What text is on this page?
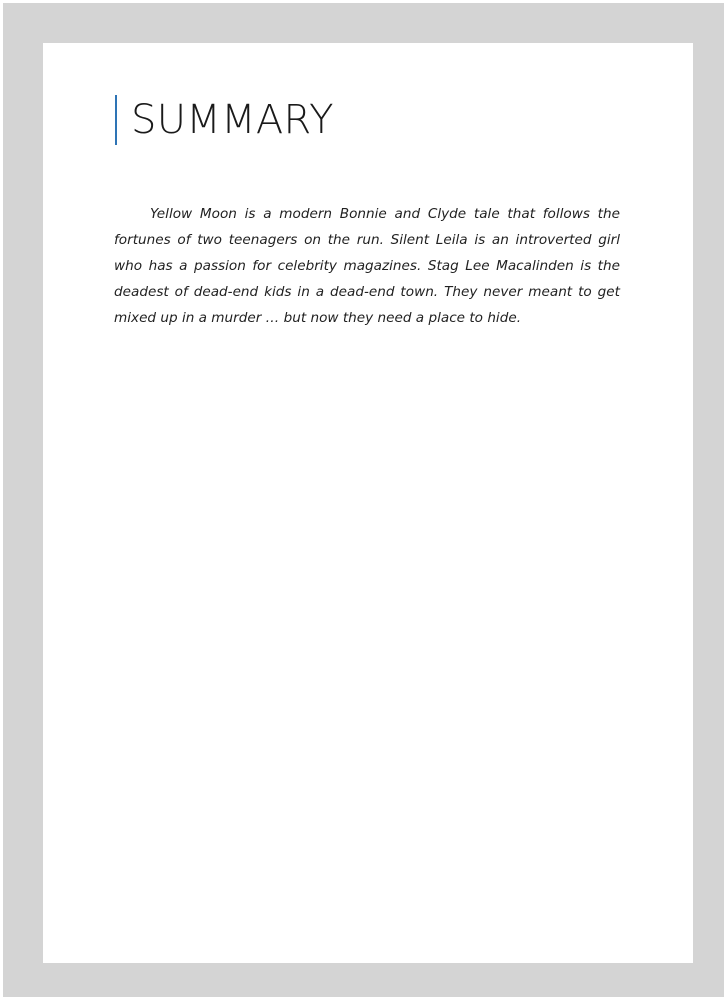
SUMMARY

Yellow Moon is a modern Bonnie and Clyde tale that follows the fortunes of two teenagers on the run. Silent Leila is an introverted girl who has a passion for celebrity magazines. Stag Lee Macalinden is the deadest of dead-end kids in a dead-end town. They never meant to get mixed up in a murder … but now they need a place to hide.
